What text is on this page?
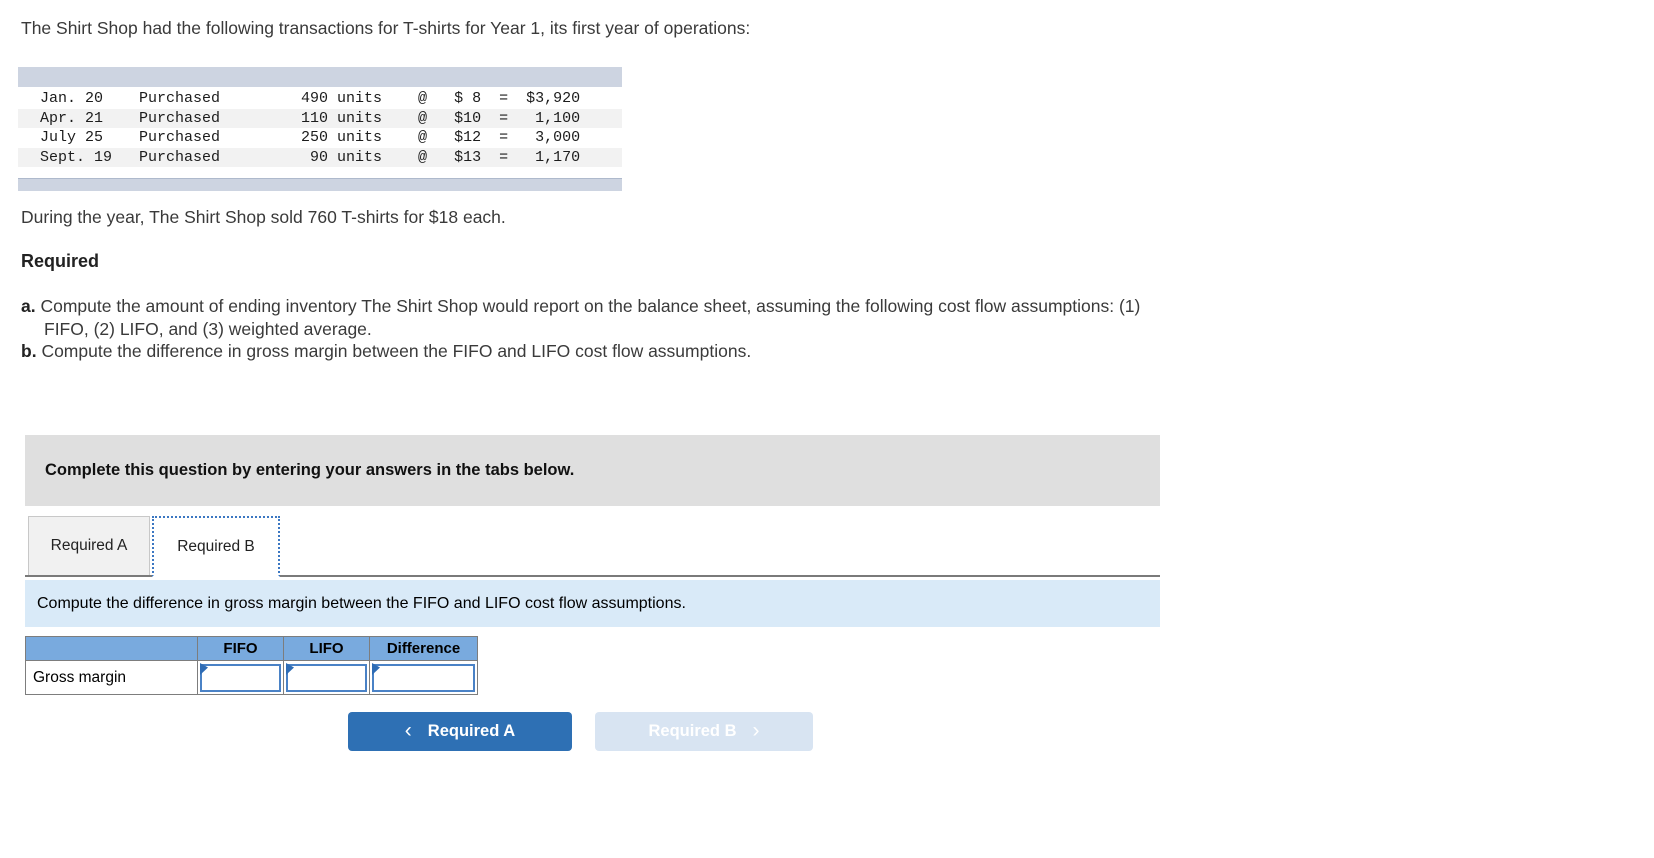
The Shirt Shop had the following transactions for T-shirts for Year 1, its first year of operations:
Jan. 20    Purchased         490 units    @   $ 8  =  $3,920
Apr. 21    Purchased         110 units    @   $10  =   1,100
July 25    Purchased         250 units    @   $12  =   3,000
Sept. 19   Purchased          90 units    @   $13  =   1,170
During the year, The Shirt Shop sold 760 T-shirts for $18 each.
Required
a. Compute the amount of ending inventory The Shirt Shop would report on the balance sheet, assuming the following cost flow assumptions: (1) FIFO, (2) LIFO, and (3) weighted average.
b. Compute the difference in gross margin between the FIFO and LIFO cost flow assumptions.
Complete this question by entering your answers in the tabs below.
Required A	Required B
Compute the difference in gross margin between the FIFO and LIFO cost flow assumptions.
	FIFO	LIFO	Difference
Gross margin	

‹ Required A	Required B ›
